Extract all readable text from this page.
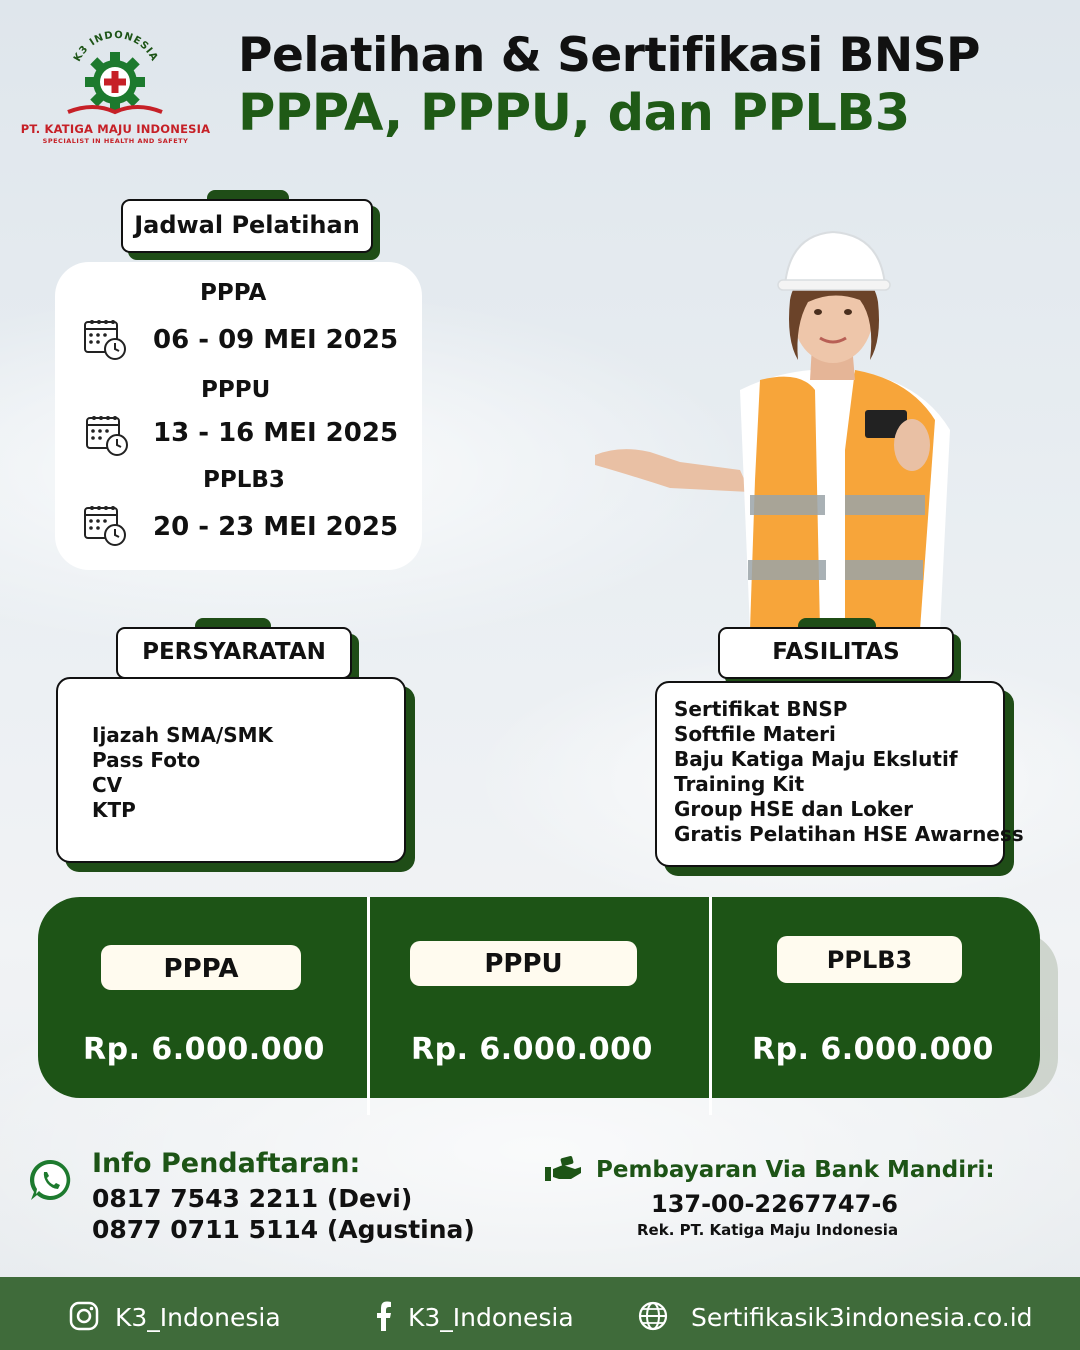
K3 INDONESIA
PT. KATIGA MAJU INDONESIA
SPECIALIST IN HEALTH AND SAFETY
Pelatihan & Sertifikasi BNSP
PPPA, PPPU, dan PPLB3
Jadwal Pelatihan
PPPA
06 - 09 MEI 2025
PPPU
13 - 16 MEI 2025
PPLB3
20 - 23 MEI 2025
PERSYARATAN
Ijazah SMA/SMK
Pass Foto
CV
KTP
FASILITAS
Sertifikat BNSP
Softfile Materi
Baju Katiga Maju Ekslutif
Training Kit
Group HSE dan Loker
Gratis Pelatihan HSE Awarness
PPPA
Rp. 6.000.000
PPPU
Rp. 6.000.000
PPLB3
Rp. 6.000.000
Info Pendaftaran:
0817 7543 2211 (Devi)
0877 0711 5114 (Agustina)
Pembayaran Via Bank Mandiri:
137-00-2267747-6
Rek. PT. Katiga Maju Indonesia
K3_Indonesia	K3_Indonesia	Sertifikasik3indonesia.co.id
